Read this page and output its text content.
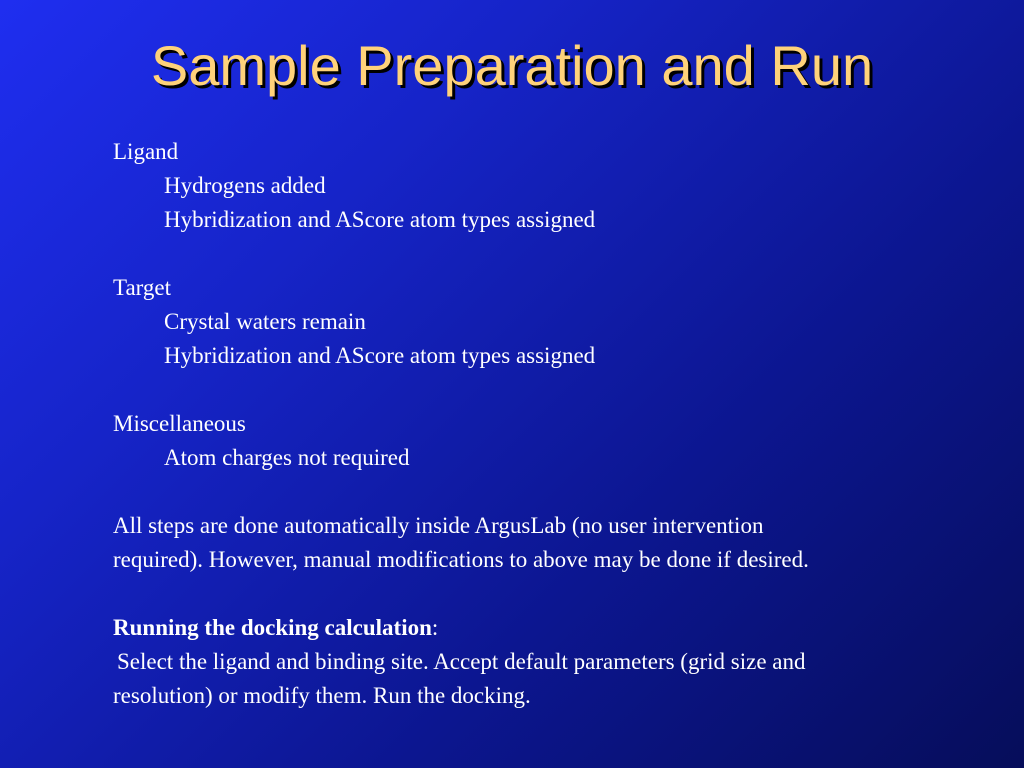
Sample Preparation and Run
Ligand
Hydrogens added
Hybridization and AScore atom types assigned
Target
Crystal waters remain
Hybridization and AScore atom types assigned
Miscellaneous
Atom charges not required
All steps are done automatically inside ArgusLab (no user intervention
required). However, manual modifications to above may be done if desired.
Running the docking calculation:
Select the ligand and binding site. Accept default parameters (grid size and
resolution) or modify them. Run the docking.
